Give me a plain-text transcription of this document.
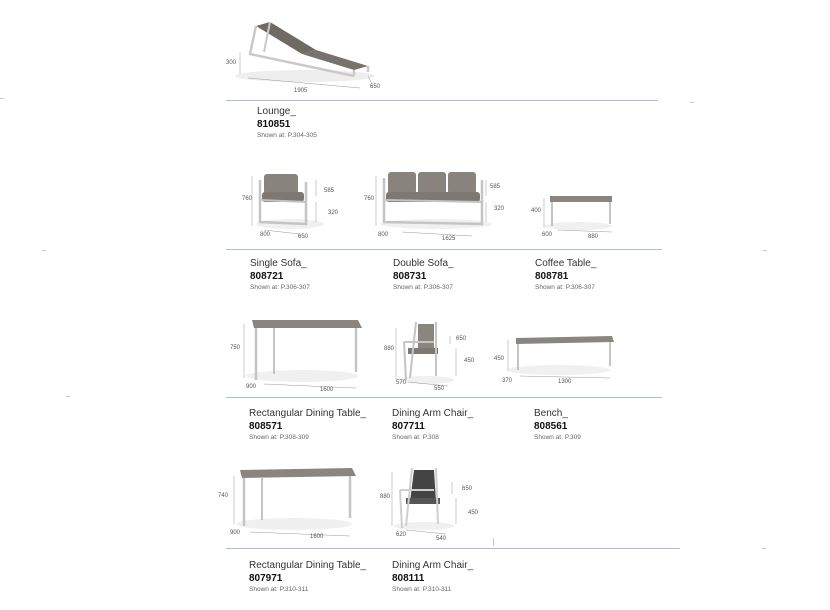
300
1905
650
Lounge_
810851
Shown at: P.304-305
760
585
320
800	650
760
585
320
800
1625
400
600	880
Single Sofa_
808721
Shown at: P.306-307
Double Sofa_
808731
Shown at: P.306-307
Coffee Table_
808781
Shown at: P.306-307
750
900	1600
880
650
450
570
550
450
370	1300
Rectangular Dining Table_
808571
Shown at: P.308-309
Dining Arm Chair_
807711
Shown at: P.308
Bench_
808561
Shown at: P.309
740
900
1600
880
650
450
620
540
Rectangular Dining Table_
807971
Shown at: P.310-311
Dining Arm Chair_
808111
Shown at: P.310-311
